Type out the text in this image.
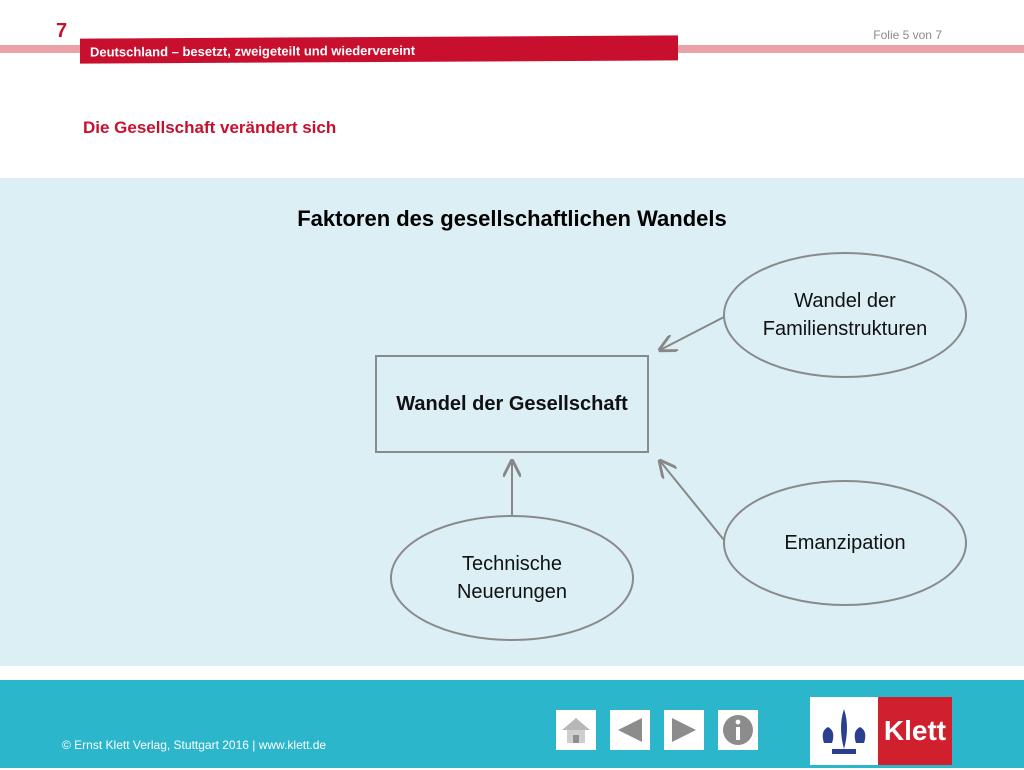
7	Folie 5 von 7
Deutschland – besetzt, zweigeteilt und wiedervereint
Die Gesellschaft verändert sich
Faktoren des gesellschaftlichen Wandels
Wandel der Gesellschaft
Wandel der Familienstrukturen
Emanzipation
Technische Neuerungen
© Ernst Klett Verlag, Stuttgart 2016 | www.klett.de	Klett
